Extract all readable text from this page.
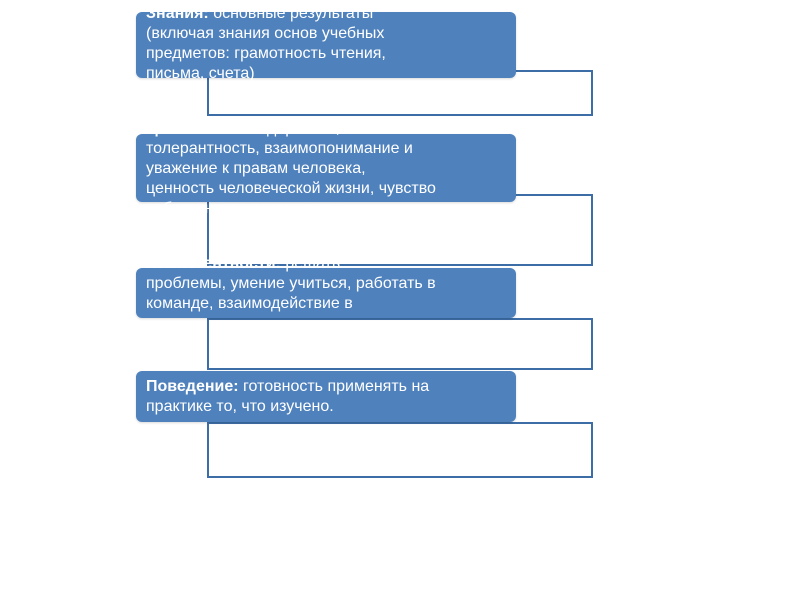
Знания: основные результаты
(включая знания основ учебных
предметов: грамотность чтения,
письма, счета)
Ценности: солидарность,
толерантность, взаимопонимание и
уважение к правам человека,
ценность человеческой жизни, чувство
собственного достоинства
Компетентности: решать
проблемы, умение учиться, работать в
команде, взаимодействие в
Поведение: готовность применять на
практике то, что изучено.
